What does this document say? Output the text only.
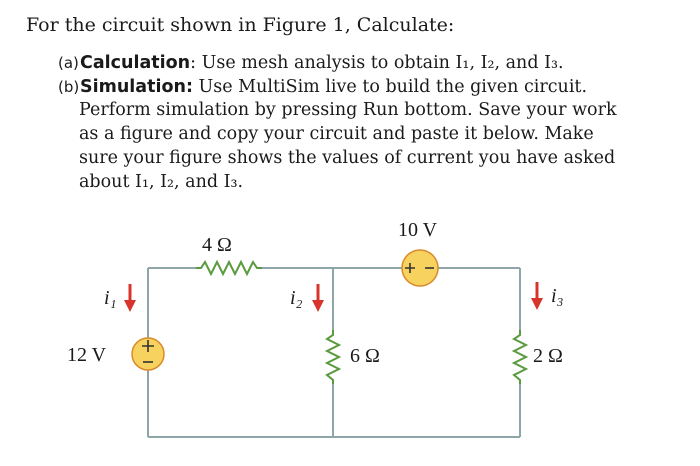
For the circuit shown in Figure 1, Calculate:
(a)Calculation: Use mesh analysis to obtain I₁, I₂, and I₃.
(b)Simulation: Use MultiSim live to build the given circuit.
Perform simulation by pressing Run bottom. Save your work
as a figure and copy your circuit and paste it below. Make
sure your figure shows the values of current you have asked
about I₁, I₂, and I₃.
4 Ω
6 Ω	2 Ω
12 V
10 V
i₁	i₂	i₃
